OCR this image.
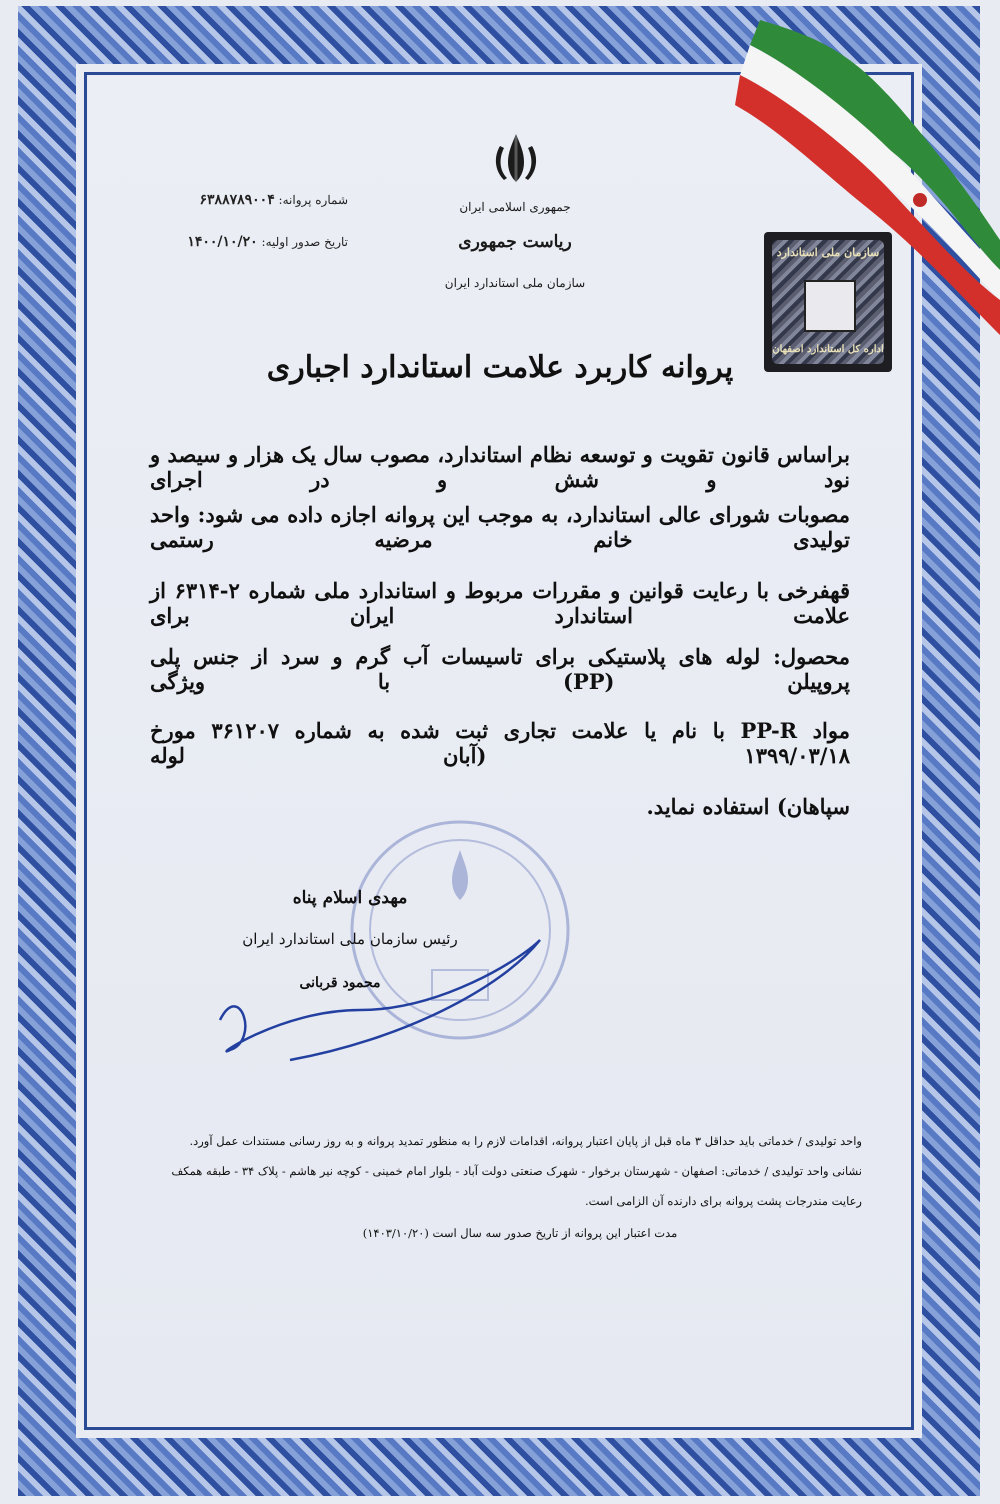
جمهوری اسلامی ایران
ریاست جمهوری
سازمان ملی استاندارد ایران
شماره پروانه: ۶۳۸۸۷۸۹۰۰۴
تاریخ صدور اولیه: ۱۴۰۰/۱۰/۲۰
سازمان ملی استاندارد
اداره کل استاندارد اصفهان
پروانه کاربرد علامت استاندارد اجباری
براساس قانون تقویت و توسعه نظام استاندارد، مصوب سال یک هزار و سیصد و نود و شش و در اجرای
مصوبات شورای عالی استاندارد، به موجب این پروانه اجازه داده می شود: واحد تولیدی خانم مرضیه رستمی
قهفرخی با رعایت قوانین و مقررات مربوط و استاندارد ملی شماره ۲-۶۳۱۴ از علامت استاندارد ایران برای
محصول: لوله های پلاستیکی برای تاسیسات آب گرم و سرد از جنس پلی پروپیلن (PP) با ویژگی
مواد PP-R با نام یا علامت تجاری ثبت شده به شماره ۳۶۱۲۰۷ مورخ ۱۳۹۹/۰۳/۱۸ (آبان لوله
سپاهان) استفاده نماید.
مهدی اسلام پناه
رئیس سازمان ملی استاندارد ایران
محمود قربانی
واحد تولیدی / خدماتی باید حداقل ۳ ماه قبل از پایان اعتبار پروانه، اقدامات لازم را به منظور تمدید پروانه و به روز رسانی مستندات عمل آورد.
نشانی واحد تولیدی / خدماتی: اصفهان - شهرستان برخوار - شهرک صنعتی دولت آباد - بلوار امام خمینی - کوچه نیر هاشم - پلاک ۳۴ - طبقه همکف
رعایت مندرجات پشت پروانه برای دارنده آن الزامی است.
مدت اعتبار این پروانه از تاریخ صدور سه سال است (۱۴۰۳/۱۰/۲۰)
